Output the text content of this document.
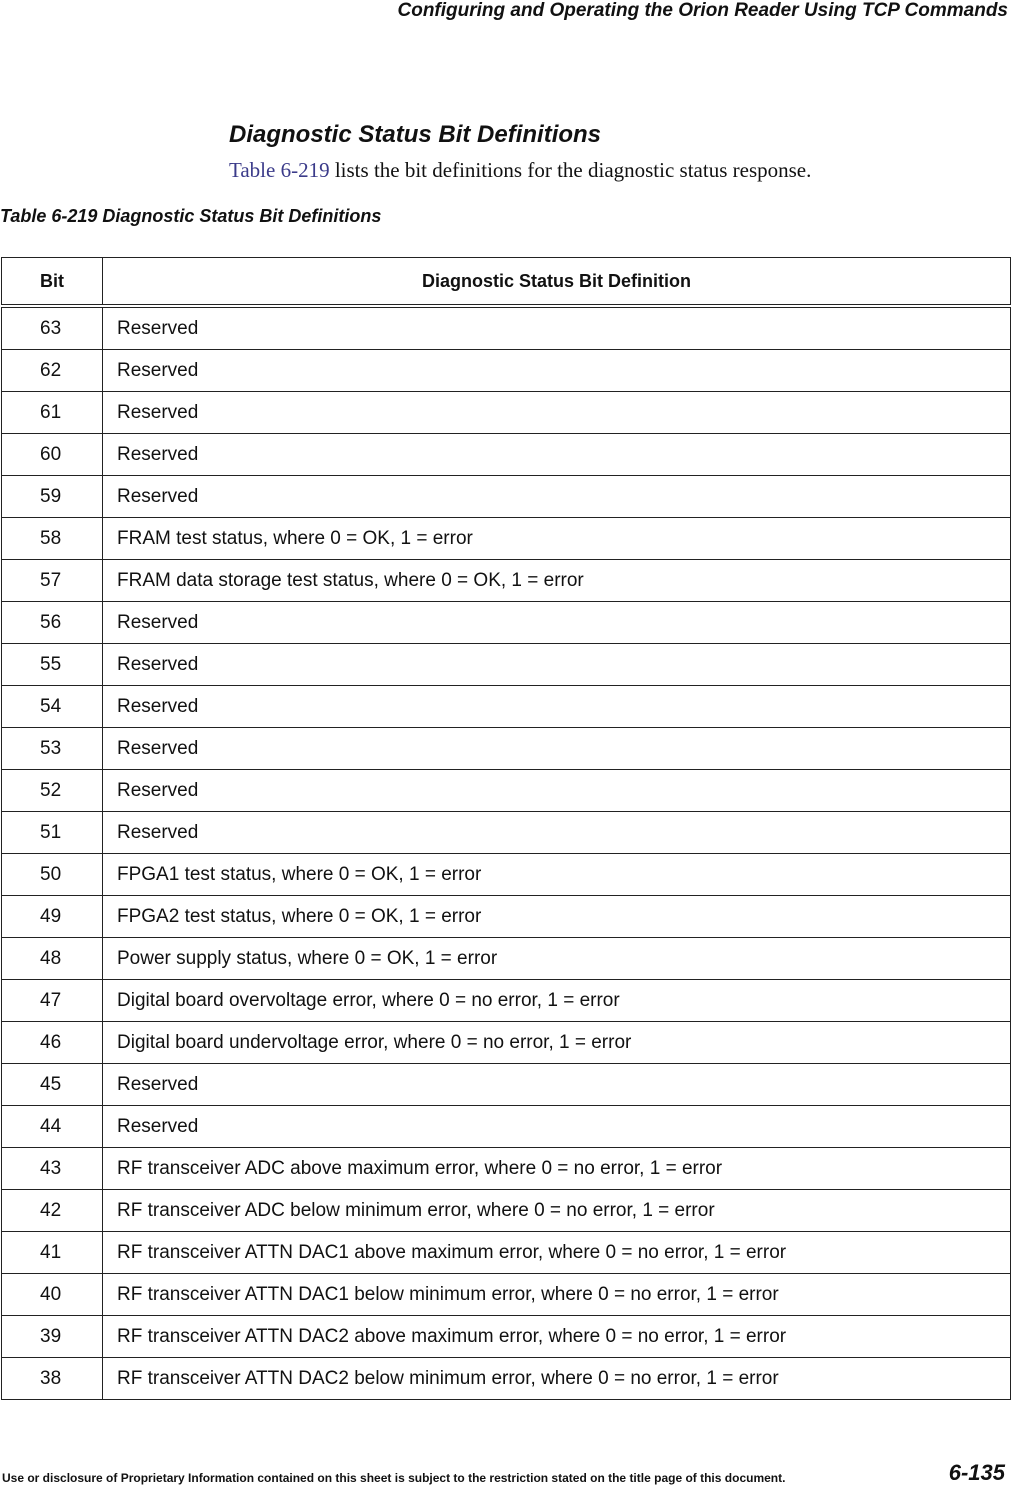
Configuring and Operating the Orion Reader Using TCP Commands
Diagnostic Status Bit Definitions
Table 6-219 lists the bit definitions for the diagnostic status response.
Table 6-219 Diagnostic Status Bit Definitions
Bit	Diagnostic Status Bit Definition
63	Reserved
62	Reserved
61	Reserved
60	Reserved
59	Reserved
58	FRAM test status, where 0 = OK, 1 = error
57	FRAM data storage test status, where 0 = OK, 1 = error
56	Reserved
55	Reserved
54	Reserved
53	Reserved
52	Reserved
51	Reserved
50	FPGA1 test status, where 0 = OK, 1 = error
49	FPGA2 test status, where 0 = OK, 1 = error
48	Power supply status, where 0 = OK, 1 = error
47	Digital board overvoltage error, where 0 = no error, 1 = error
46	Digital board undervoltage error, where 0 = no error, 1 = error
45	Reserved
44	Reserved
43	RF transceiver ADC above maximum error, where 0 = no error, 1 = error
42	RF transceiver ADC below minimum error, where 0 = no error, 1 = error
41	RF transceiver ATTN DAC1 above maximum error, where 0 = no error, 1 = error
40	RF transceiver ATTN DAC1 below minimum error, where 0 = no error, 1 = error
39	RF transceiver ATTN DAC2 above maximum error, where 0 = no error, 1 = error
38	RF transceiver ATTN DAC2 below minimum error, where 0 = no error, 1 = error
Use or disclosure of Proprietary Information contained on this sheet is subject to the restriction stated on the title page of this document.	6-135
